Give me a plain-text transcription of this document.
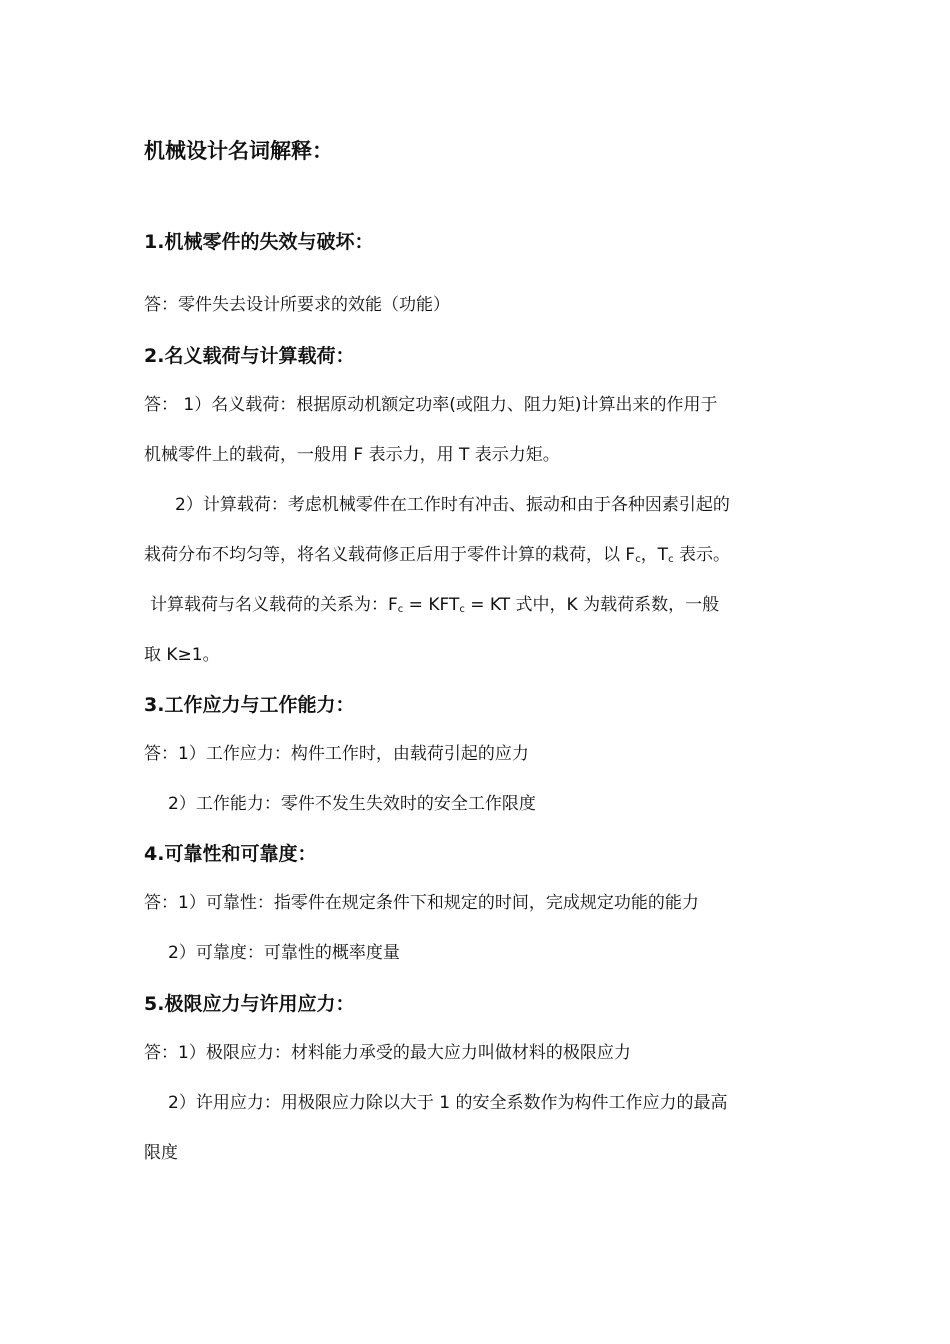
机械设计名词解释：
1.机械零件的失效与破坏：
答：零件失去设计所要求的效能（功能）
2.名义载荷与计算载荷：
答： 1）名义载荷：根据原动机额定功率(或阻力、阻力矩)计算出来的作用于
机械零件上的载荷，一般用 F 表示力，用 T 表示力矩。
2）计算载荷：考虑机械零件在工作时有冲击、振动和由于各种因素引起的
栽荷分布不均匀等，将名义载荷修正后用于零件计算的栽荷，以 $F_c$，$T_c$ 表示。
计算载荷与名义载荷的关系为：$F_c = KFT_c$ = KT 式中，K 为载荷系数，一般
取 K≥1。
3.工作应力与工作能力：
答：1）工作应力：构件工作时，由载荷引起的应力
2）工作能力：零件不发生失效时的安全工作限度
4.可靠性和可靠度：
答：1）可靠性：指零件在规定条件下和规定的时间，完成规定功能的能力
2）可靠度：可靠性的概率度量
5.极限应力与许用应力：
答：1）极限应力：材料能力承受的最大应力叫做材料的极限应力
2）许用应力：用极限应力除以大于 1 的安全系数作为构件工作应力的最高
限度
